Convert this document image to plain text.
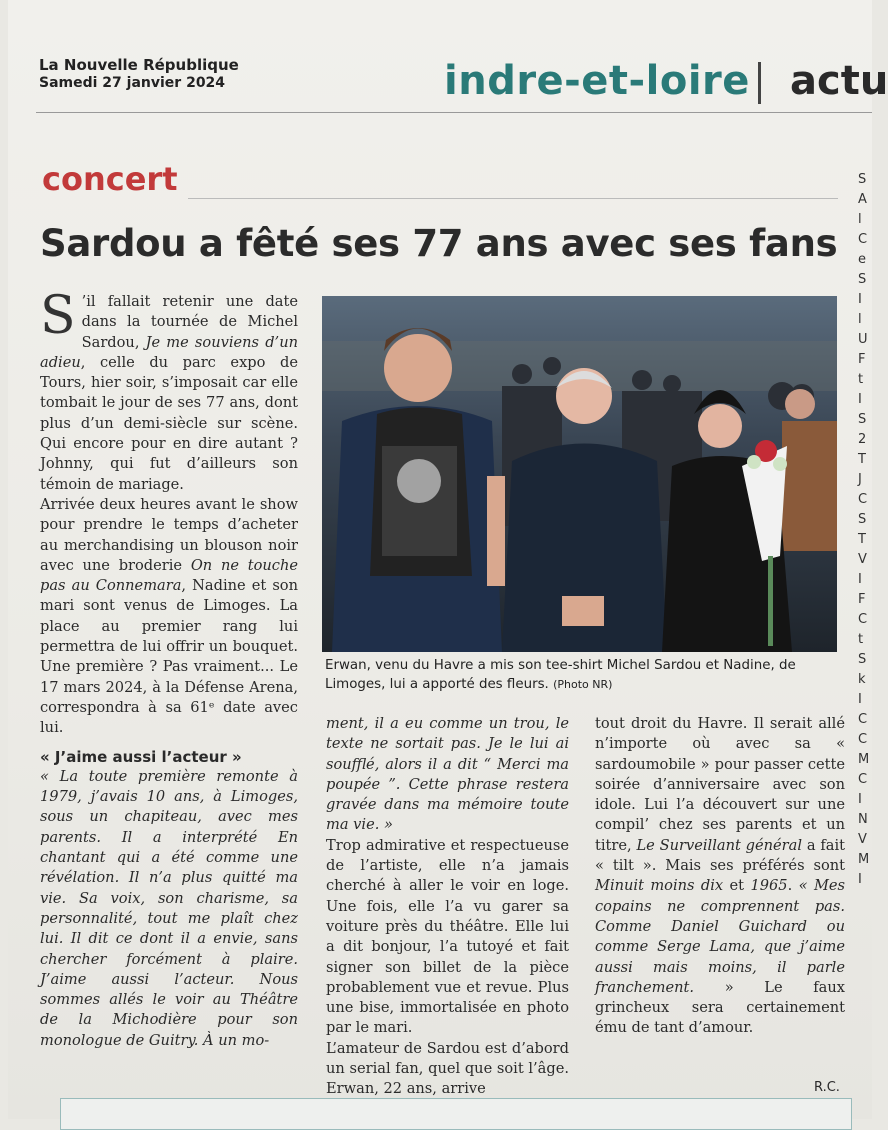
La Nouvelle République
Samedi 27 janvier 2024	indre-et-loire actu
concert
Sardou a fêté ses 77 ans avec ses fans

S ’il fallait retenir une date dans la tournée de Michel Sardou, Je me souviens d’un adieu, celle du parc expo de Tours, hier soir, s’imposait car elle tombait le jour de ses 77 ans, dont plus d’un demi-siècle sur scène. Qui encore pour en dire autant ? Johnny, qui fut d’ailleurs son témoin de mariage.

Arrivée deux heures avant le show pour prendre le temps d’acheter au merchandising un blouson noir avec une broderie On ne touche pas au Connemara, Nadine et son mari sont venus de Limoges. La place au premier rang lui permettra de lui offrir un bouquet. Une première ? Pas vraiment... Le 17 mars 2024, à la Défense Arena, correspondra à sa 61ᵉ date avec lui.

« J’aime aussi l’acteur »

« La toute première remonte à 1979, j’avais 10 ans, à Limoges, sous un chapiteau, avec mes parents. Il a interprété En chantant qui a été comme une révélation. Il n’a plus quitté ma vie. Sa voix, son charisme, sa personnalité, tout me plaît chez lui. Il dit ce dont il a envie, sans chercher forcément à plaire. J’aime aussi l’acteur. Nous sommes allés le voir au Théâtre de la Michodière pour son monologue de Guitry. À un mo-

Erwan, venu du Havre a mis son tee-shirt Michel Sardou et Nadine, de Limoges, lui a apporté des fleurs. (Photo NR)

ment, il a eu comme un trou, le texte ne sortait pas. Je le lui ai soufflé, alors il a dit “ Merci ma poupée ”. Cette phrase restera gravée dans ma mémoire toute ma vie. »

Trop admirative et respectueuse de l’artiste, elle n’a jamais cherché à aller le voir en loge. Une fois, elle l’a vu garer sa voiture près du théâtre. Elle lui a dit bonjour, l’a tutoyé et fait signer son billet de la pièce probablement vue et revue. Plus une bise, immortalisée en photo par le mari.

L’amateur de Sardou est d’abord un serial fan, quel que soit l’âge. Erwan, 22 ans, arrive

tout droit du Havre. Il serait allé n’importe où avec sa « sardoumobile » pour passer cette soirée d’anniversaire avec son idole. Lui l’a découvert sur une compil’ chez ses parents et un titre, Le Surveillant général a fait « tilt ». Mais ses préférés sont Minuit moins dix et 1965. « Mes copains ne comprennent pas. Comme Daniel Guichard ou comme Serge Lama, que j’aime aussi mais moins, il parle franchement. » Le faux grincheux sera certainement ému de tant d’amour.

R.C.
S
A
l
C
e
S
I
l
U
F
t
I
S
2
T
J
C
S
T
V
I
F
C
t
S
k
I
C
C
M
C
I
N
V
M
I
